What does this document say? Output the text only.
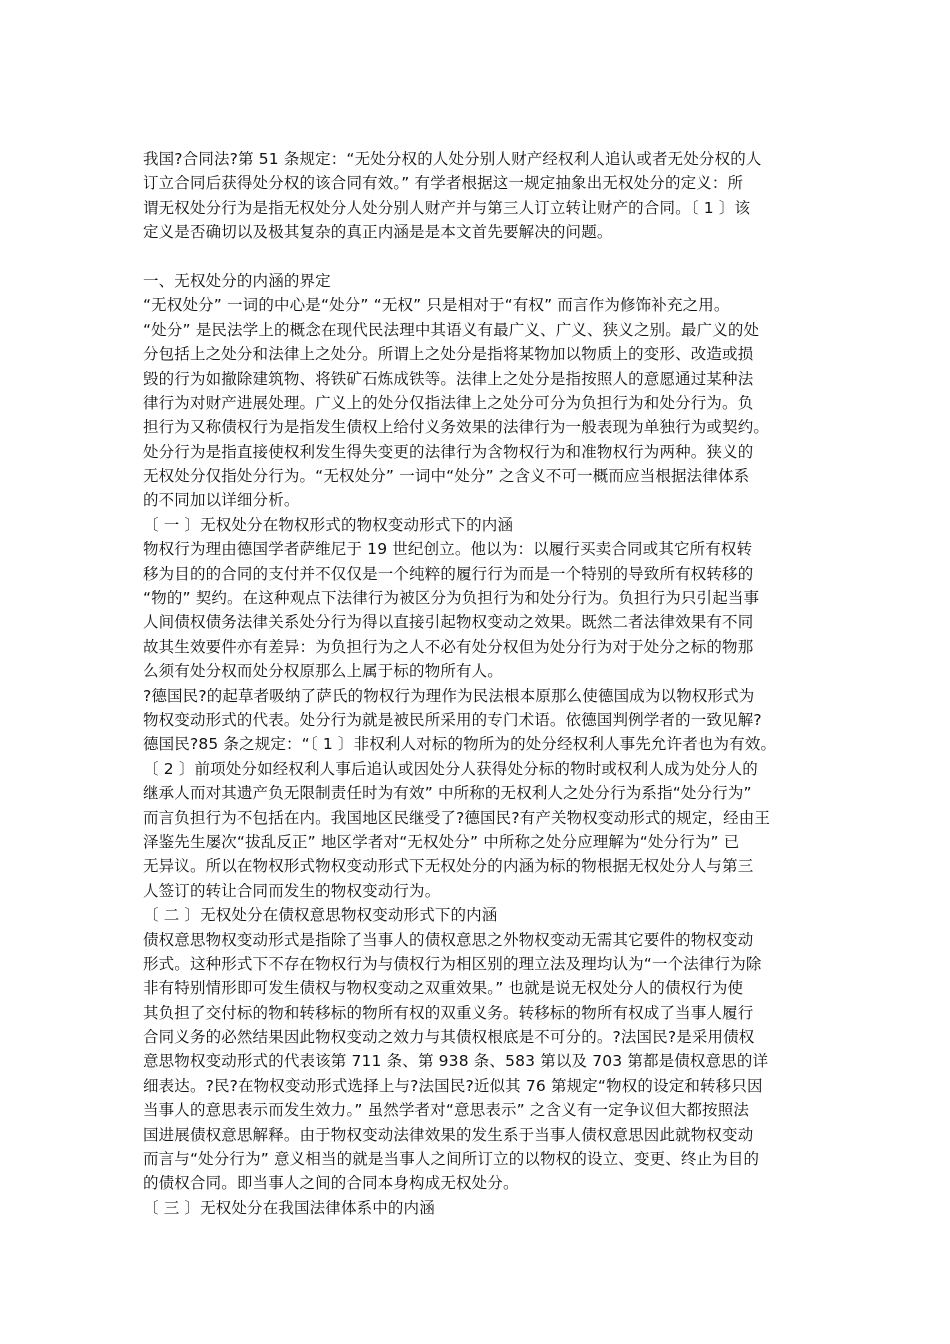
我国?合同法?第 51 条规定：“无处分权的人处分别人财产经权利人追认或者无处分权的人
订立合同后获得处分权的该合同有效。” 有学者根据这一规定抽象出无权处分的定义：所
谓无权处分行为是指无权处分人处分别人财产并与第三人订立转让财产的合同。〔 1 〕该
定义是否确切以及极其复杂的真正内涵是是本文首先要解决的问题。
一、无权处分的内涵的界定
“无权处分” 一词的中心是“处分” “无权” 只是相对于“有权” 而言作为修饰补充之用。
“处分” 是民法学上的概念在现代民法理中其语义有最广义、广义、狭义之别。最广义的处
分包括上之处分和法律上之处分。所谓上之处分是指将某物加以物质上的变形、改造或损
毁的行为如撤除建筑物、将铁矿石炼成铁等。法律上之处分是指按照人的意愿通过某种法
律行为对财产进展处理。广义上的处分仅指法律上之处分可分为负担行为和处分行为。负
担行为又称债权行为是指发生债权上给付义务效果的法律行为一般表现为单独行为或契约。
处分行为是指直接使权利发生得失变更的法律行为含物权行为和准物权行为两种。狭义的
无权处分仅指处分行为。“无权处分” 一词中“处分” 之含义不可一概而应当根据法律体系
的不同加以详细分析。
〔 一 〕无权处分在物权形式的物权变动形式下的内涵
物权行为理由德国学者萨维尼于 19 世纪创立。他以为：以履行买卖合同或其它所有权转
移为目的的合同的支付并不仅仅是一个纯粹的履行行为而是一个特别的导致所有权转移的
“物的” 契约。在这种观点下法律行为被区分为负担行为和处分行为。负担行为只引起当事
人间债权债务法律关系处分行为得以直接引起物权变动之效果。既然二者法律效果有不同
故其生效要件亦有差异：为负担行为之人不必有处分权但为处分行为对于处分之标的物那
么须有处分权而处分权原那么上属于标的物所有人。
?德国民?的起草者吸纳了萨氏的物权行为理作为民法根本原那么使德国成为以物权形式为
物权变动形式的代表。处分行为就是被民所采用的专门术语。依德国判例学者的一致见解?
德国民?85 条之规定：“〔 1 〕非权利人对标的物所为的处分经权利人事先允许者也为有效。
〔 2 〕前项处分如经权利人事后追认或因处分人获得处分标的物时或权利人成为处分人的
继承人而对其遗产负无限制责任时为有效” 中所称的无权利人之处分行为系指“处分行为”
而言负担行为不包括在内。我国地区民继受了?德国民?有产关物权变动形式的规定，经由王
泽鉴先生屡次“拔乱反正” 地区学者对“无权处分” 中所称之处分应理解为“处分行为” 已
无异议。所以在物权形式物权变动形式下无权处分的内涵为标的物根据无权处分人与第三
人签订的转让合同而发生的物权变动行为。
〔 二 〕无权处分在债权意思物权变动形式下的内涵
债权意思物权变动形式是指除了当事人的债权意思之外物权变动无需其它要件的物权变动
形式。这种形式下不存在物权行为与债权行为相区别的理立法及理均认为“一个法律行为除
非有特别情形即可发生债权与物权变动之双重效果。” 也就是说无权处分人的债权行为使
其负担了交付标的物和转移标的物所有权的双重义务。转移标的物所有权成了当事人履行
合同义务的必然结果因此物权变动之效力与其债权根底是不可分的。?法国民?是采用债权
意思物权变动形式的代表该第 711 条、第 938 条、583 第以及 703 第都是债权意思的详
细表达。?民?在物权变动形式选择上与?法国民?近似其 76 第规定“物权的设定和转移只因
当事人的意思表示而发生效力。” 虽然学者对“意思表示” 之含义有一定争议但大都按照法
国进展债权意思解释。由于物权变动法律效果的发生系于当事人债权意思因此就物权变动
而言与“处分行为” 意义相当的就是当事人之间所订立的以物权的设立、变更、终止为目的
的债权合同。即当事人之间的合同本身构成无权处分。
〔 三 〕无权处分在我国法律体系中的内涵
